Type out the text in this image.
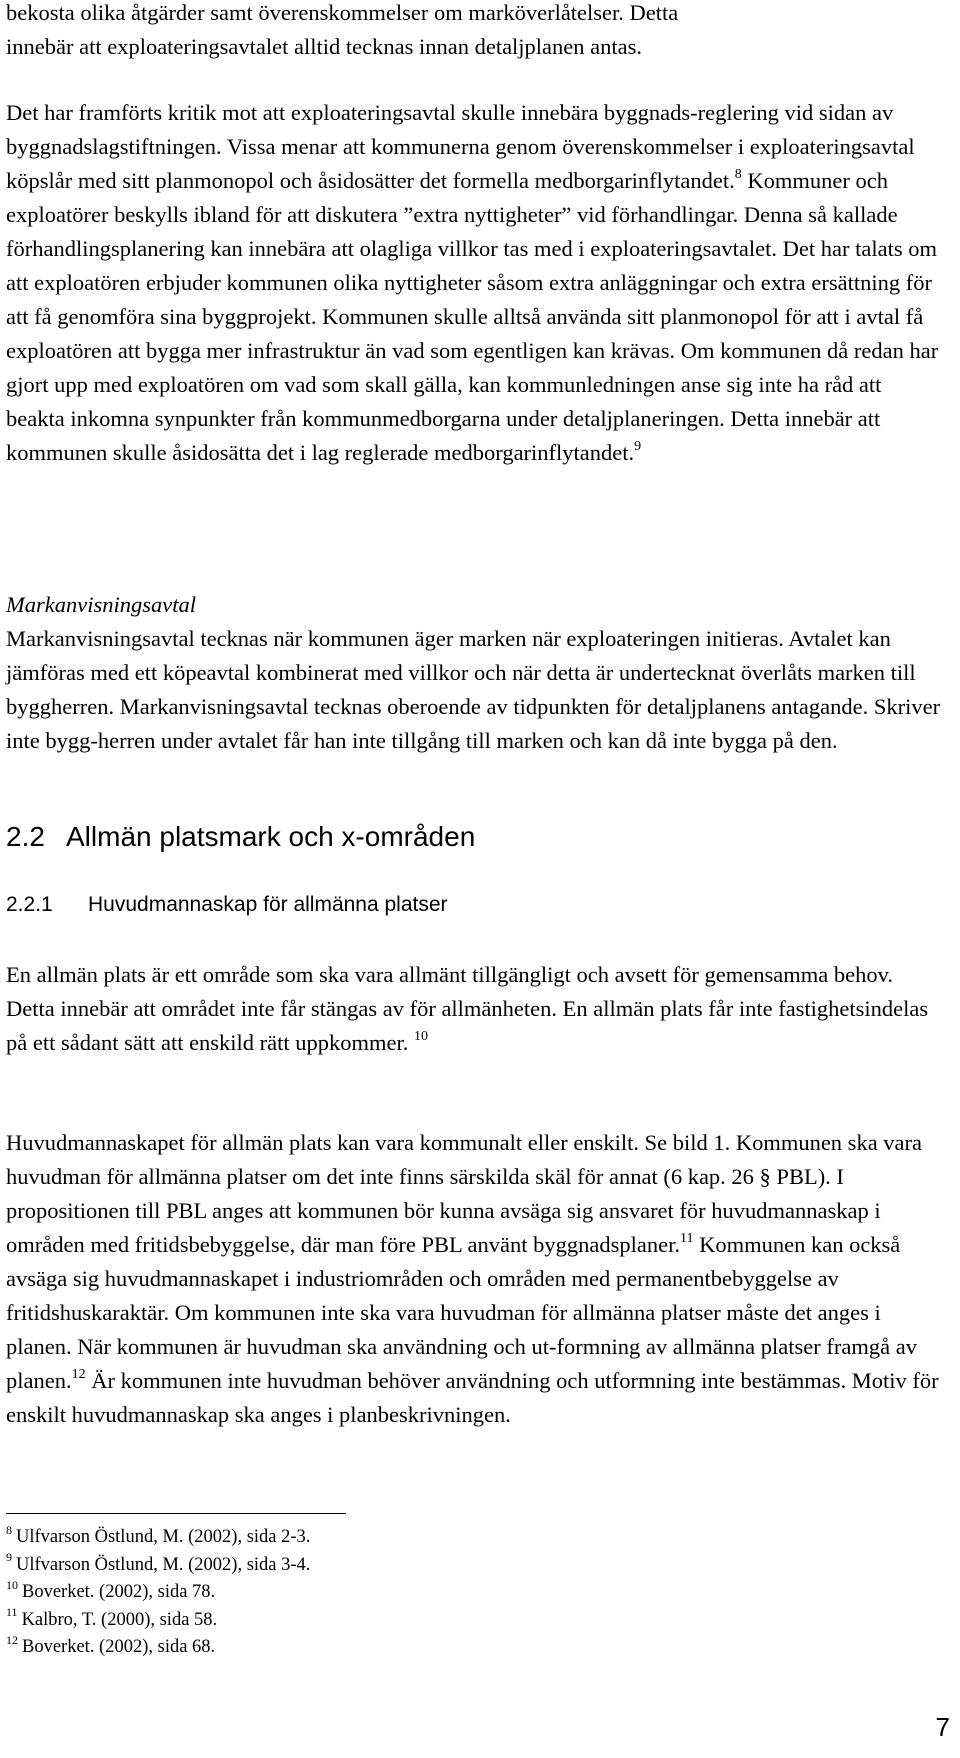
bekosta olika åtgärder samt överenskommelser om marköverlåtelser. Detta
innebär att exploateringsavtalet alltid tecknas innan detaljplanen antas.

Det har framförts kritik mot att exploateringsavtal skulle innebära byggnads-reglering vid sidan av byggnadslagstiftningen. Vissa menar att kommunerna genom överenskommelser i exploateringsavtal köpslår med sitt planmonopol och åsidosätter det formella medborgarinflytandet.$^8$ Kommuner och exploatörer beskylls ibland för att diskutera ”extra nyttigheter” vid förhandlingar. Denna så kallade förhandlingsplanering kan innebära att olagliga villkor tas med i exploateringsavtalet. Det har talats om att exploatören erbjuder kommunen olika nyttigheter såsom extra anläggningar och extra ersättning för att få genomföra sina byggprojekt. Kommunen skulle alltså använda sitt planmonopol för att i avtal få exploatören att bygga mer infrastruktur än vad som egentligen kan krävas. Om kommunen då redan har gjort upp med exploatören om vad som skall gälla, kan kommunledningen anse sig inte ha råd att beakta inkomna synpunkter från kommunmedborgarna under detaljplaneringen. Detta innebär att kommunen skulle åsidosätta det i lag reglerade medborgarinflytandet.$^9$

Markanvisningsavtal

Markanvisningsavtal tecknas när kommunen äger marken när exploateringen initieras. Avtalet kan jämföras med ett köpeavtal kombinerat med villkor och när detta är undertecknat överlåts marken till byggherren. Markanvisningsavtal tecknas oberoende av tidpunkten för detaljplanens antagande. Skriver inte bygg-herren under avtalet får han inte tillgång till marken och kan då inte bygga på den.

2.2 Allmän platsmark och x-områden
2.2.1 Huvudmannaskap för allmänna platser

En allmän plats är ett område som ska vara allmänt tillgängligt och avsett för gemensamma behov. Detta innebär att området inte får stängas av för allmänheten. En allmän plats får inte fastighetsindelas på ett sådant sätt att enskild rätt uppkommer. $^{10}$

Huvudmannaskapet för allmän plats kan vara kommunalt eller enskilt. Se bild 1. Kommunen ska vara huvudman för allmänna platser om det inte finns särskilda skäl för annat (6 kap. 26 § PBL). I propositionen till PBL anges att kommunen bör kunna avsäga sig ansvaret för huvudmannaskap i områden med fritidsbebyggelse, där man före PBL använt byggnadsplaner.$^{11}$ Kommunen kan också avsäga sig huvudmannaskapet i industriområden och områden med permanentbebyggelse av fritidshuskaraktär. Om kommunen inte ska vara huvudman för allmänna platser måste det anges i planen. När kommunen är huvudman ska användning och ut-formning av allmänna platser framgå av planen.$^{12}$ Är kommunen inte huvudman behöver användning och utformning inte bestämmas. Motiv för enskilt huvudmannaskap ska anges i planbeskrivningen.

$^8$ Ulfvarson Östlund, M. (2002), sida 2-3.

$^9$ Ulfvarson Östlund, M. (2002), sida 3-4.

$^{10}$ Boverket. (2002), sida 78.

$^{11}$ Kalbro, T. (2000), sida 58.

$^{12}$ Boverket. (2002), sida 68.

7
